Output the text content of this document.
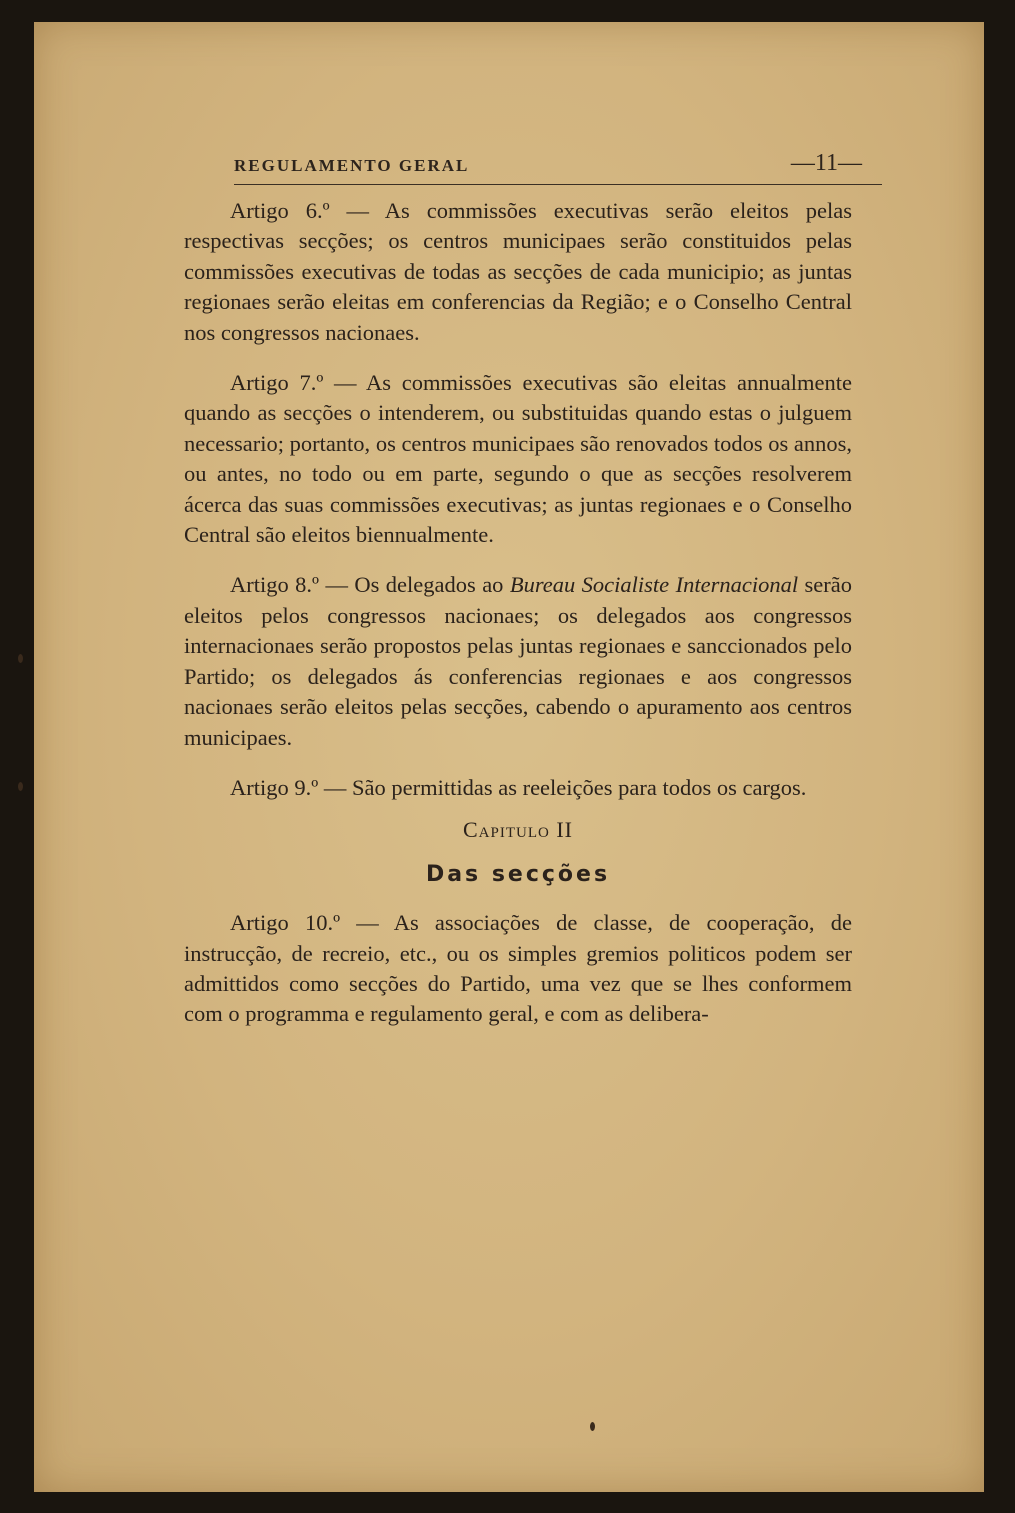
REGULAMENTO GERAL	—11—

Artigo 6.º — As commissões executivas serão eleitos pelas respectivas secções; os centros municipaes serão constituidos pelas commissões executivas de todas as secções de cada municipio; as juntas regionaes serão eleitas em conferencias da Região; e o Conselho Central nos congressos nacionaes.

Artigo 7.º — As commissões executivas são eleitas annualmente quando as secções o intenderem, ou substituidas quando estas o julguem necessario; portanto, os centros municipaes são renovados todos os annos, ou antes, no todo ou em parte, segundo o que as secções resolverem ácerca das suas commissões executivas; as juntas regionaes e o Conselho Central são eleitos biennualmente.

Artigo 8.º — Os delegados ao Bureau Socialiste Internacional serão eleitos pelos congressos nacionaes; os delegados aos congressos internacionaes serão propostos pelas juntas regionaes e sanccionados pelo Partido; os delegados ás conferencias regionaes e aos congressos nacionaes serão eleitos pelas secções, cabendo o apuramento aos centros municipaes.

Artigo 9.º — São permittidas as reeleições para todos os cargos.

Capitulo II
Das secções

Artigo 10.º — As associações de classe, de cooperação, de instrucção, de recreio, etc., ou os simples gremios politicos podem ser admittidos como secções do Partido, uma vez que se lhes conformem com o programma e regulamento geral, e com as delibera-
